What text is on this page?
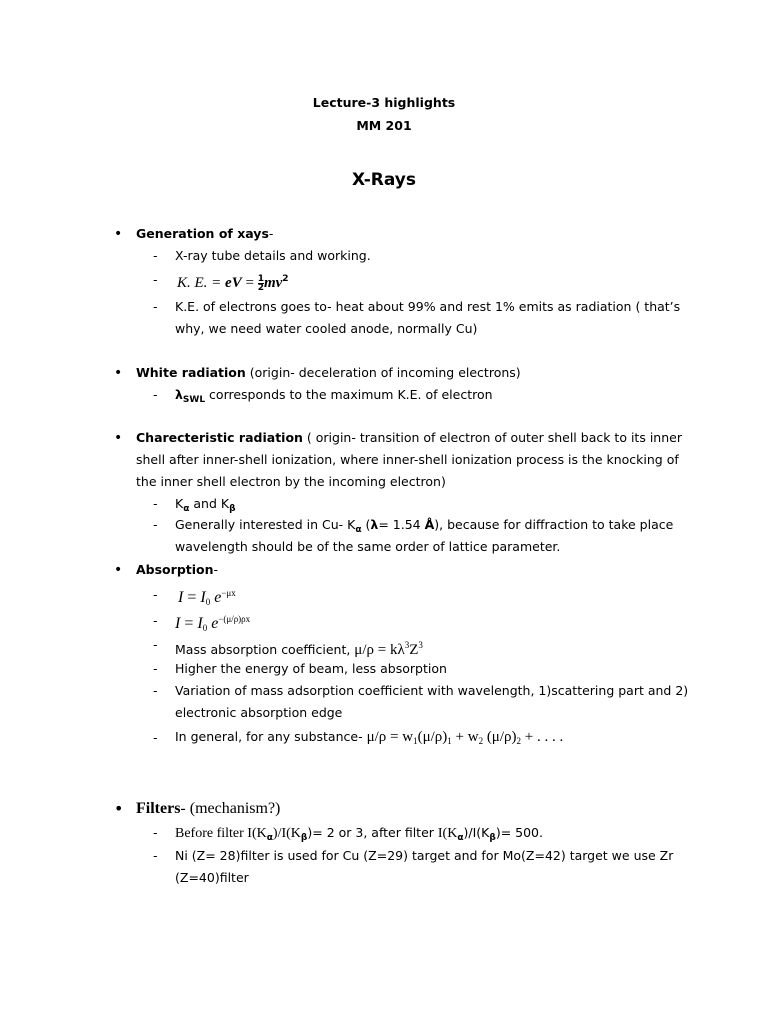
Lecture-3 highlights
MM 201
X-Rays
• Generation of xays-
- X-ray tube details and working.
- K. E. = eV = $\frac{1}{2} mv^2$
- K.E. of electrons goes to- heat about 99% and rest 1% emits as radiation ( that’s
why, we need water cooled anode, normally Cu)
• White radiation (origin- deceleration of incoming electrons)
- $\lambda_{SWL}$ corresponds to the maximum K.E. of electron
• Charecteristic radiation ( origin- transition of electron of outer shell back to its inner
shell after inner-shell ionization, where inner-shell ionization process is the knocking of
the inner shell electron by the incoming electron)
- $K_\alpha$ and $K_\beta$
- Generally interested in Cu- $K_\alpha$ (λ= 1.54 Å), because for diffraction to take place
wavelength should be of the same order of lattice parameter.
• Absorption-
- $I = I_0$ $e^{-\mu x}$
- $I = I_0$ $e^{-(\mu/\rho)\rho x}$
- Mass absorption coefficient, $\mu/\rho = k\lambda^3Z^3$
- Higher the energy of beam, less absorption
- Variation of mass adsorption coefficient with wavelength, 1)scattering part and 2)
electronic absorption edge
- In general, for any substance- $\mu/\rho = w_1(\mu/\rho)_1 + w_2$ $(\mu/\rho)_2$ + . . . .
• Filters- (mechanism?)
- Before filter $I(K_\alpha)/I(K_\beta)= 2$ or 3, after filter $I(K_\alpha)/I(K_\beta)= 500$.
- Ni (Z= 28)filter is used for Cu (Z=29) target and for Mo(Z=42) target we use Zr
(Z=40)filter
